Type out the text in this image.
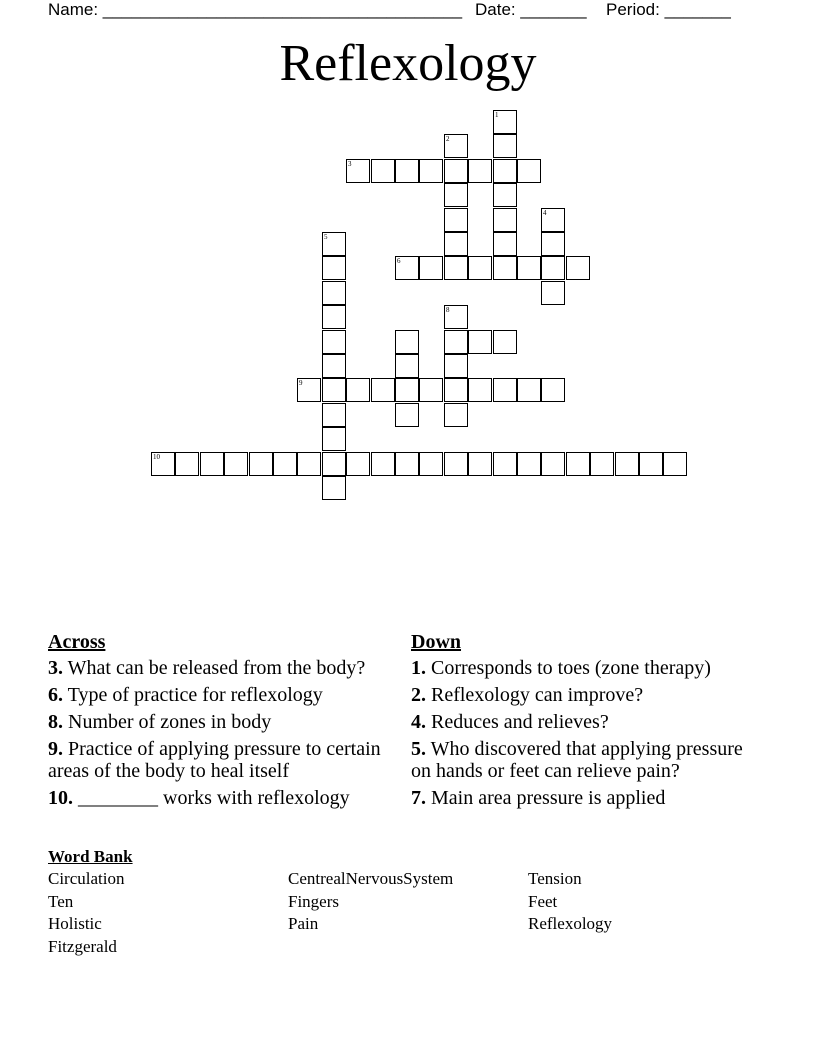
Name: ______________________________________ Date: _______ Period: _______
Reflexology
1
2
3
4
5
6
8
9
10
Across
3. What can be released from the body?
6. Type of practice for reflexology
8. Number of zones in body
9. Practice of applying pressure to certain areas of the body to heal itself
10. ________ works with reflexology
Down
1. Corresponds to toes (zone therapy)
2. Reflexology can improve?
4. Reduces and relieves?
5. Who discovered that applying pressure on hands or feet can relieve pain?
7. Main area pressure is applied
Word Bank
Circulation	CentrealNervousSystem	Tension
Ten	Fingers	Feet
Holistic	Pain	Reflexology
Fitzgerald
